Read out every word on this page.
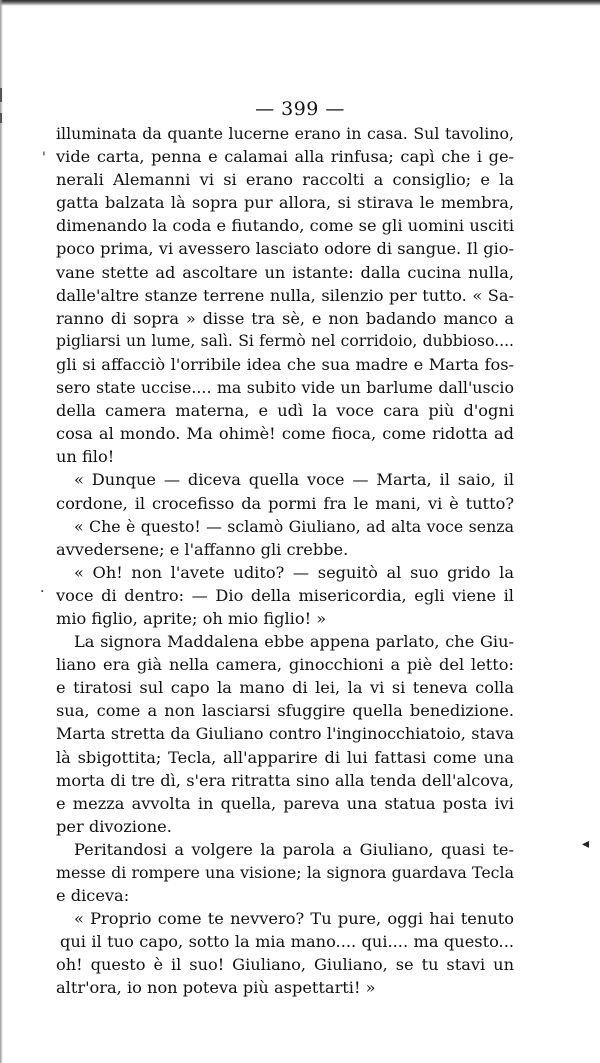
— 399 —
illuminata da quante lucerne erano in casa. Sul tavolino,
vide carta, penna e calamai alla rinfusa; capì che i ge-
nerali Alemanni vi si erano raccolti a consiglio; e la
gatta balzata là sopra pur allora, si stirava le membra,
dimenando la coda e fiutando, come se gli uomini usciti
poco prima, vi avessero lasciato odore di sangue. Il gio-
vane stette ad ascoltare un istante: dalla cucina nulla,
dalle'altre stanze terrene nulla, silenzio per tutto. « Sa-
ranno di sopra » disse tra sè, e non badando manco a
pigliarsi un lume, salì. Si fermò nel corridoio, dubbioso....
gli si affacciò l'orribile idea che sua madre e Marta fos-
sero state uccise.... ma subito vide un barlume dall'uscio
della camera materna, e udì la voce cara più d'ogni
cosa al mondo. Ma ohimè! come fioca, come ridotta ad
un filo!
« Dunque — diceva quella voce — Marta, il saio, il
cordone, il crocefisso da pormi fra le mani, vi è tutto?
« Che è questo! — sclamò Giuliano, ad alta voce senza
avvedersene; e l'affanno gli crebbe.
« Oh! non l'avete udito? — seguitò al suo grido la
voce di dentro: — Dio della misericordia, egli viene il
mio figlio, aprite; oh mio figlio! »
La signora Maddalena ebbe appena parlato, che Giu-
liano era già nella camera, ginocchioni a piè del letto:
e tiratosi sul capo la mano di lei, la vi si teneva colla
sua, come a non lasciarsi sfuggire quella benedizione.
Marta stretta da Giuliano contro l'inginocchiatoio, stava
là sbigottita; Tecla, all'apparire di lui fattasi come una
morta di tre dì, s'era ritratta sino alla tenda dell'alcova,
e mezza avvolta in quella, pareva una statua posta ivi
per divozione.
Peritandosi a volgere la parola a Giuliano, quasi te-
messe di rompere una visione; la signora guardava Tecla
e diceva:
« Proprio come te nevvero? Tu pure, oggi hai tenuto
qui il tuo capo, sotto la mia mano.... qui.... ma questo...
oh! questo è il suo! Giuliano, Giuliano, se tu stavi un
altr'ora, io non poteva più aspettarti! »
'
.
◂
